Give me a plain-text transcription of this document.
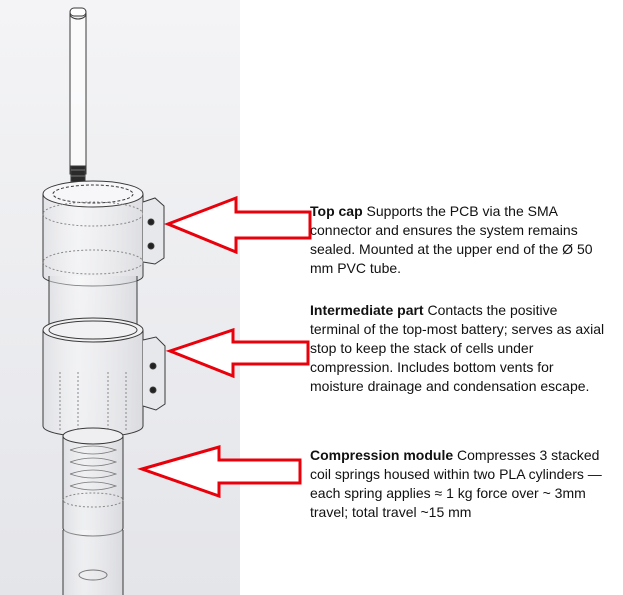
Top cap Supports the PCB via the SMA connector and ensures the system remains sealed. Mounted at the upper end of the Ø 50 mm PVC tube.
Intermediate part Contacts the positive terminal of the top-most battery; serves as axial stop to keep the stack of cells under compression. Includes bottom vents for moisture drainage and condensation escape.
Compression module Compresses 3 stacked coil springs housed within two PLA cylinders — each spring applies ≈ 1 kg force over ~ 3mm travel; total travel ~15 mm
